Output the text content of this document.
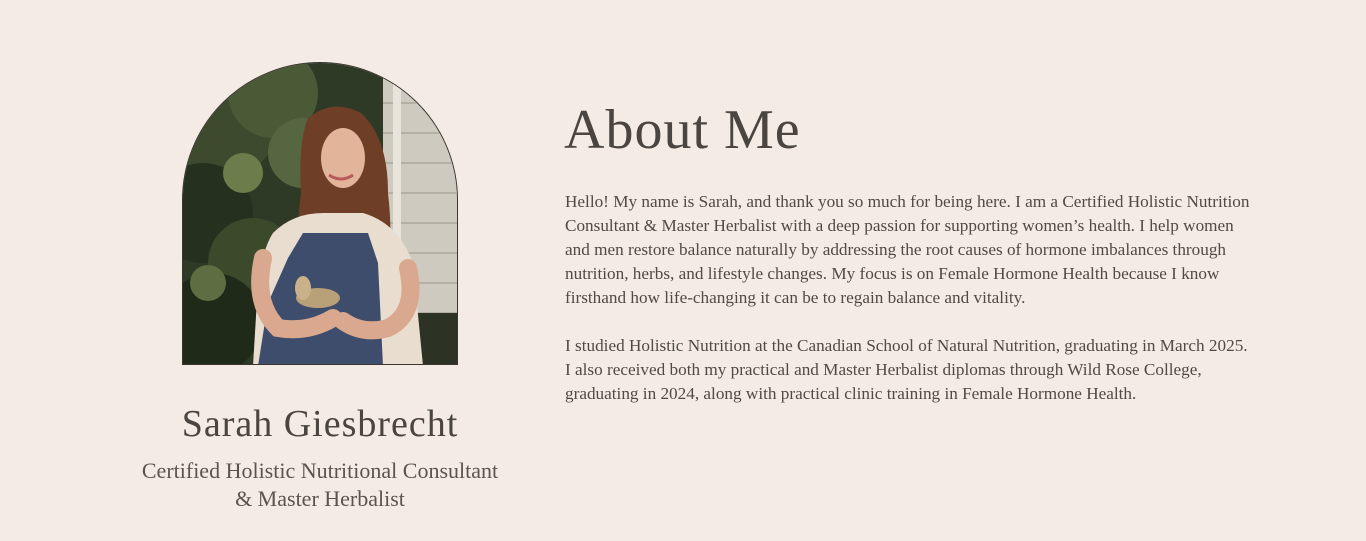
Sarah Giesbrecht
Certified Holistic Nutritional Consultant
& Master Herbalist
About Me

Hello! My name is Sarah, and thank you so much for being here. I am a Certified Holistic Nutrition Consultant & Master Herbalist with a deep passion for supporting women’s health. I help women and men restore balance naturally by addressing the root causes of hormone imbalances through nutrition, herbs, and lifestyle changes. My focus is on Female Hormone Health because I know firsthand how life-changing it can be to regain balance and vitality.

I studied Holistic Nutrition at the Canadian School of Natural Nutrition, graduating in March 2025. I also received both my practical and Master Herbalist diplomas through Wild Rose College, graduating in 2024, along with practical clinic training in Female Hormone Health.
